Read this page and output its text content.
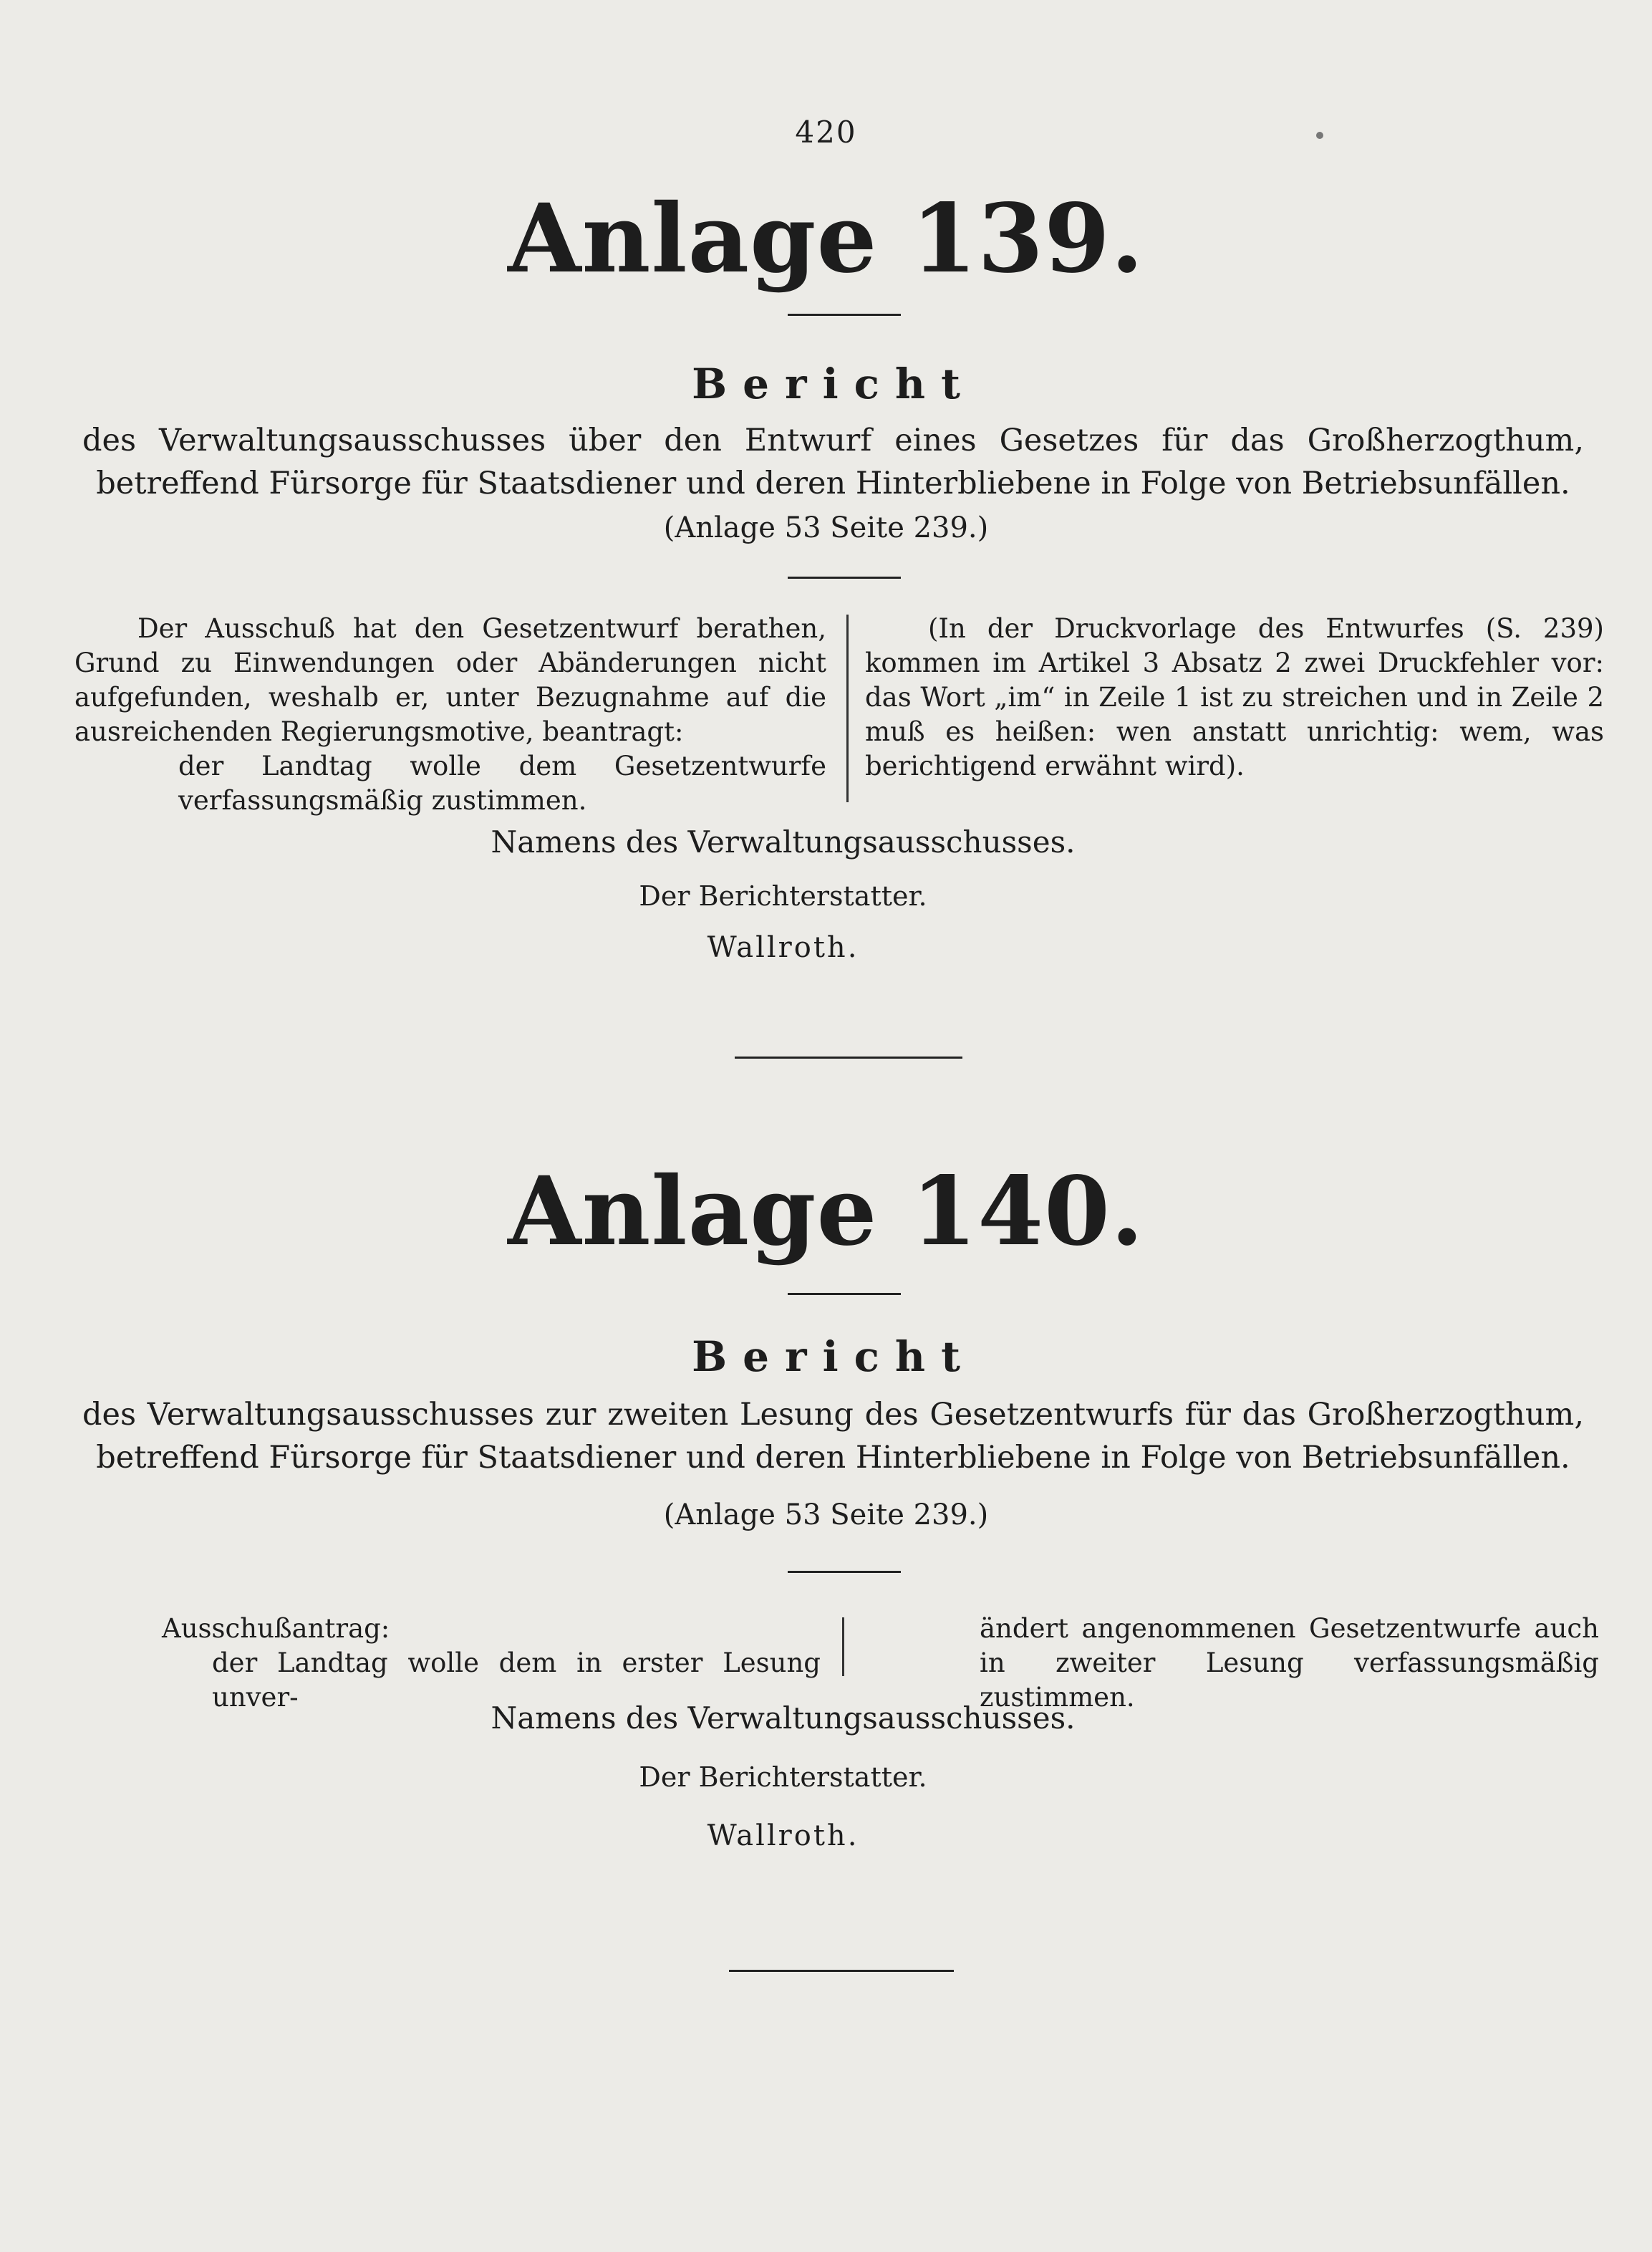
420
Anlage 139.
Bericht
des Verwaltungsausschusses über den Entwurf eines Gesetzes für das Großherzogthum, betreffend Fürsorge für Staatsdiener und deren Hinterbliebene in Folge von Betriebsunfällen.
(Anlage 53 Seite 239.)
Der Ausschuß hat den Gesetzentwurf berathen, Grund zu Einwendungen oder Abänderungen nicht aufgefunden, weshalb er, unter Bezugnahme auf die ausreichenden Regierungsmotive, beantragt:
der Landtag wolle dem Gesetzentwurfe verfassungsmäßig zustimmen.
(In der Druckvorlage des Entwurfes (S. 239) kommen im Artikel 3 Absatz 2 zwei Druckfehler vor: das Wort „im“ in Zeile 1 ist zu streichen und in Zeile 2 muß es heißen: wen anstatt unrichtig: wem, was berichtigend erwähnt wird).
Namens des Verwaltungsausschusses.
Der Berichterstatter.
Wallroth.
Anlage 140.
Bericht
des Verwaltungsausschusses zur zweiten Lesung des Gesetzentwurfs für das Großherzogthum, betreffend Fürsorge für Staatsdiener und deren Hinterbliebene in Folge von Betriebsunfällen.
(Anlage 53 Seite 239.)
Ausschußantrag:
der Landtag wolle dem in erster Lesung unver-
ändert angenommenen Gesetzentwurfe auch in zweiter Lesung verfassungsmäßig zustimmen.
Namens des Verwaltungsausschusses.
Der Berichterstatter.
Wallroth.
